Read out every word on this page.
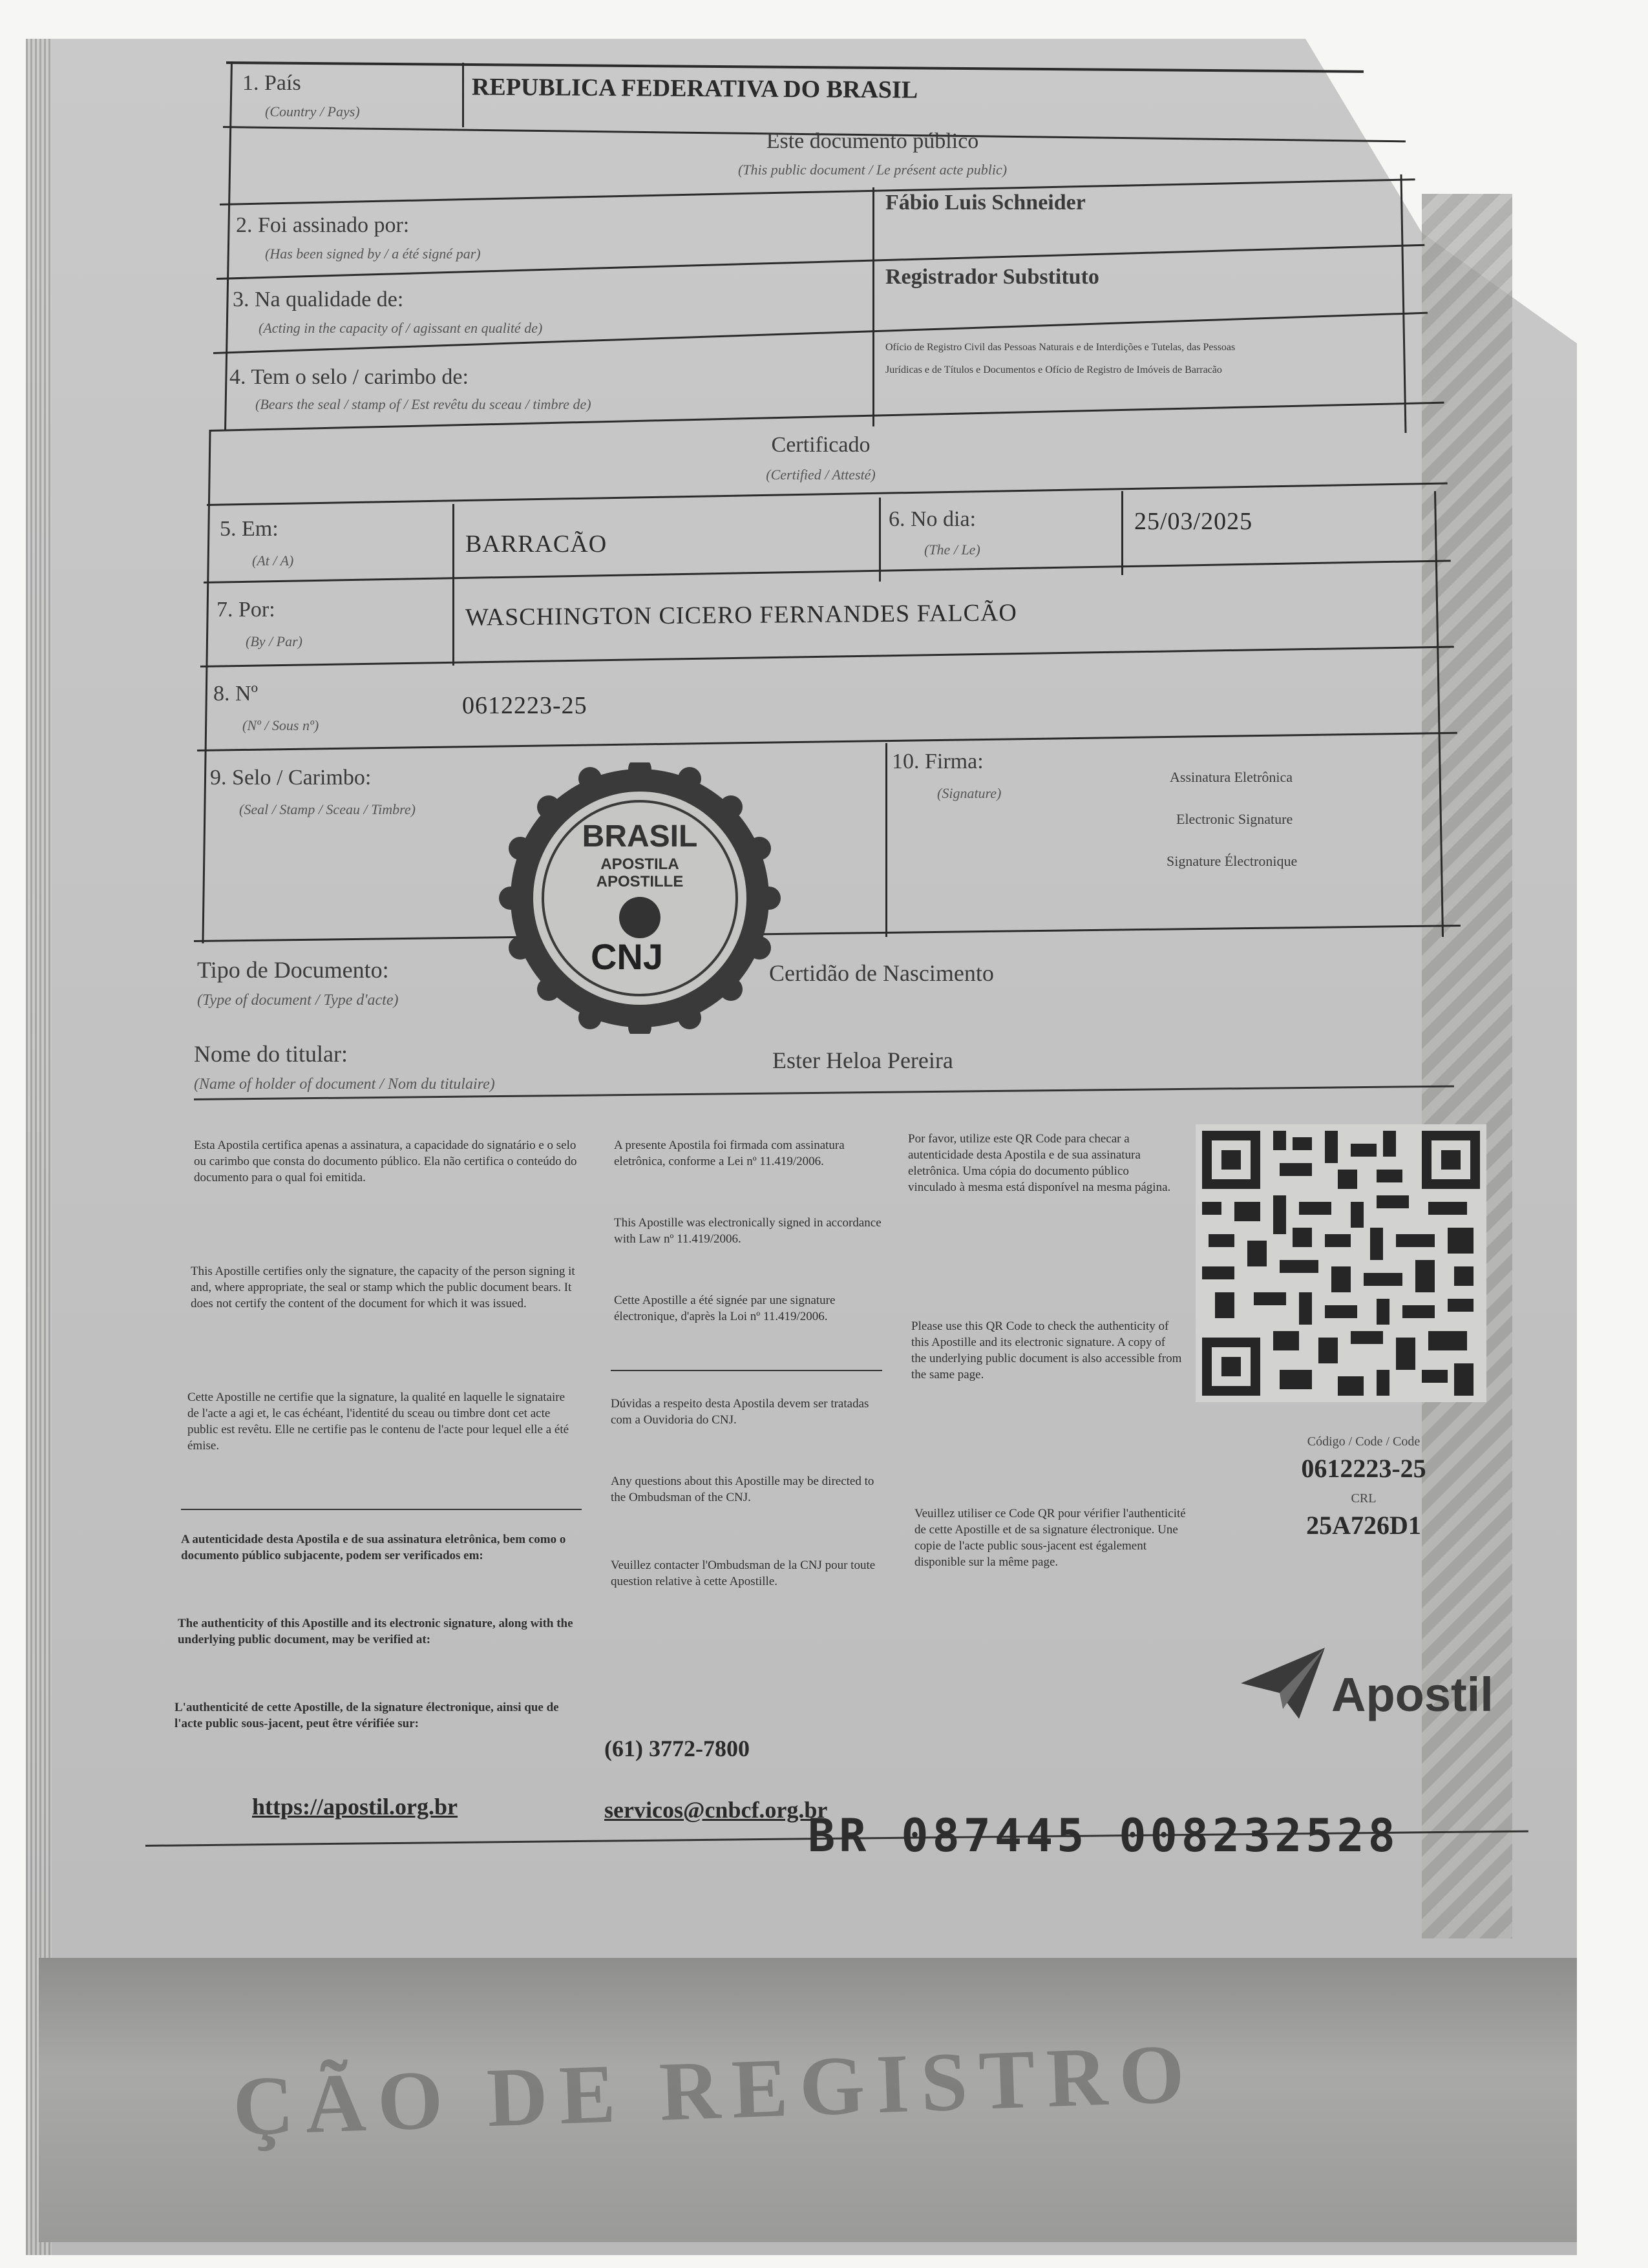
ÇÃO DE REGISTRO
1. País
(Country / Pays)
REPUBLICA FEDERATIVA DO BRASIL
Este documento público
(This public document / Le présent acte public)
2. Foi assinado por:
(Has been signed by / a été signé par)
Fábio Luis Schneider
3. Na qualidade de:
(Acting in the capacity of / agissant en qualité de)
Registrador Substituto
4. Tem o selo / carimbo de:
(Bears the seal / stamp of / Est revêtu du sceau / timbre de)
Ofício de Registro Civil das Pessoas Naturais e de Interdições e Tutelas, das Pessoas
Jurídicas e de Títulos e Documentos e Ofício de Registro de Imóveis de Barracão
Certificado
(Certified / Attesté)
5. Em:
(At / A)
BARRACÃO
6. No dia:
(The / Le)
25/03/2025
7. Por:
(By / Par)
WASCHINGTON CICERO FERNANDES FALCÃO
8. Nº
(Nº / Sous nº)
0612223-25
9. Selo / Carimbo:
(Seal / Stamp / Sceau / Timbre)
10. Firma:
(Signature)
Assinatura Eletrônica
Electronic Signature
Signature Électronique
BRASIL
APOSTILA
APOSTILLE
CNJ
Tipo de Documento:
(Type of document / Type d'acte)
Certidão de Nascimento
Nome do titular:
(Name of holder of document / Nom du titulaire)
Ester Heloa Pereira
Esta Apostila certifica apenas a assinatura, a capacidade do signatário e o selo ou carimbo que consta do documento público. Ela não certifica o conteúdo do documento para o qual foi emitida.
This Apostille certifies only the signature, the capacity of the person signing it and, where appropriate, the seal or stamp which the public document bears. It does not certify the content of the document for which it was issued.
Cette Apostille ne certifie que la signature, la qualité en laquelle le signataire de l'acte a agi et, le cas échéant, l'identité du sceau ou timbre dont cet acte public est revêtu. Elle ne certifie pas le contenu de l'acte pour lequel elle a été émise.
A autenticidade desta Apostila e de sua assinatura eletrônica, bem como o documento público subjacente, podem ser verificados em:
The authenticity of this Apostille and its electronic signature, along with the underlying public document, may be verified at:
L'authenticité de cette Apostille, de la signature électronique, ainsi que de l'acte public sous-jacent, peut être vérifiée sur:
A presente Apostila foi firmada com assinatura eletrônica, conforme a Lei nº 11.419/2006.
This Apostille was electronically signed in accordance with Law nº 11.419/2006.
Cette Apostille a été signée par une signature électronique, d'après la Loi nº 11.419/2006.
Dúvidas a respeito desta Apostila devem ser tratadas com a Ouvidoria do CNJ.
Any questions about this Apostille may be directed to the Ombudsman of the CNJ.
Veuillez contacter l'Ombudsman de la CNJ pour toute question relative à cette Apostille.
Por favor, utilize este QR Code para checar a autenticidade desta Apostila e de sua assinatura eletrônica. Uma cópia do documento público vinculado à mesma está disponível na mesma página.
Please use this QR Code to check the authenticity of this Apostille and its electronic signature. A copy of the underlying public document is also accessible from the same page.
Veuillez utiliser ce Code QR pour vérifier l'authenticité de cette Apostille et de sa signature électronique. Une copie de l'acte public sous-jacent est également disponible sur la même page.
Código / Code / Code
0612223-25
CRL
25A726D1
Apostil
(61) 3772-7800
https://apostil.org.br	servicos@cnbcf.org.br
BR 087445 008232528
